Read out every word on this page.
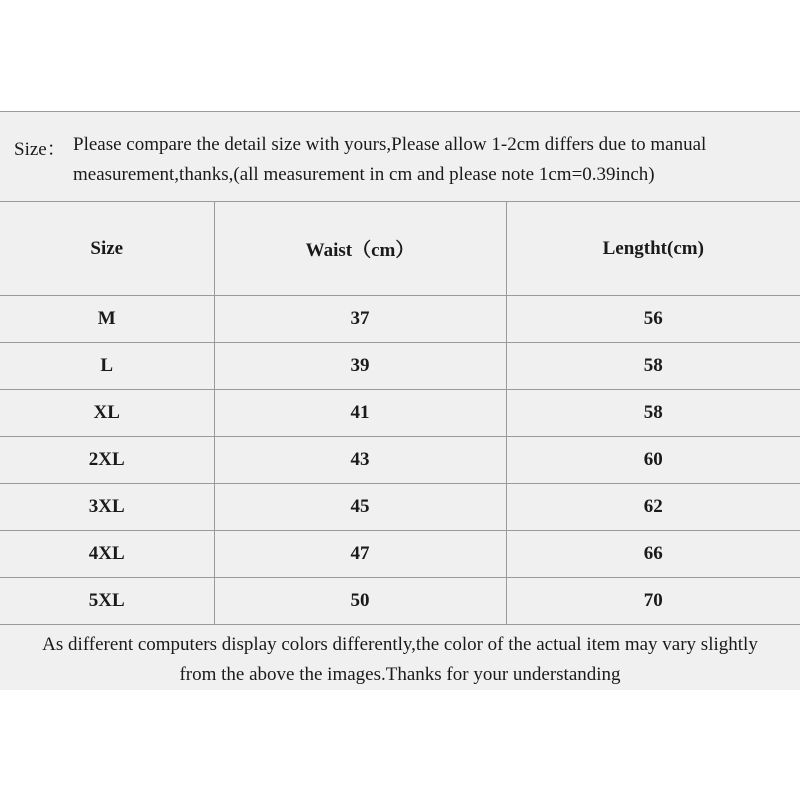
Size： Please compare the detail size with yours,Please allow 1-2cm differs due to manual
measurement,thanks,(all measurement in cm and please note 1cm=0.39inch)
Size	Waist（cm）	Lengtht(cm)
M	37	56
L	39	58
XL	41	58
2XL	43	60
3XL	45	62
4XL	47	66
5XL	50	70
As different computers display colors differently,the color of the actual item may vary slightly
from the above the images.Thanks for your understanding
